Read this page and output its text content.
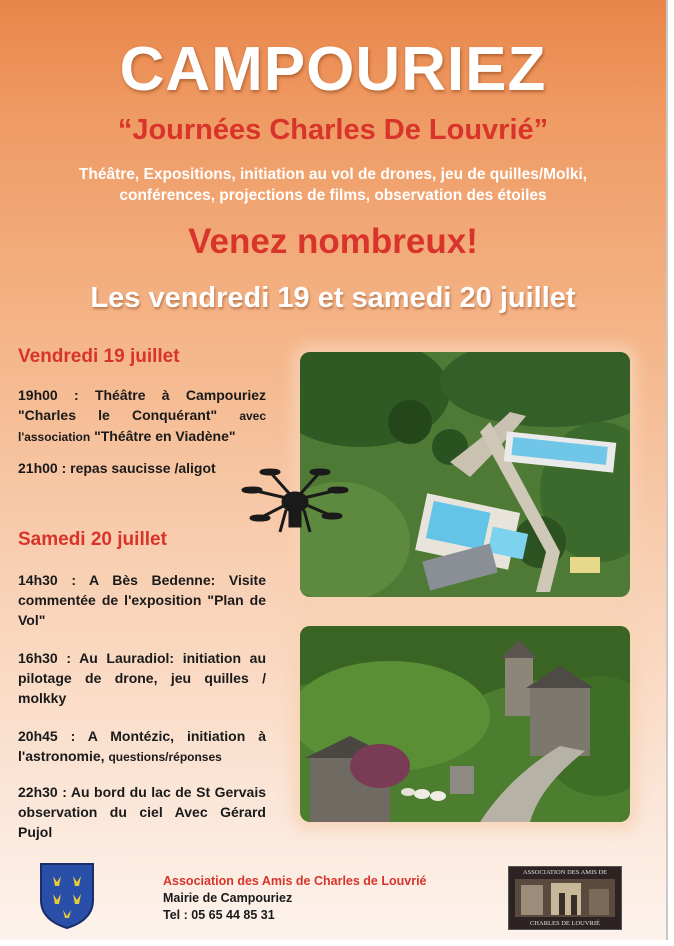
CAMPOURIEZ
“Journées Charles De Louvrié”
Théâtre, Expositions, initiation au vol de drones, jeu de quilles/Molki,
conférences, projections de films, observation des étoiles
Venez nombreux!
Les vendredi 19 et samedi 20 juillet
Vendredi 19 juillet
19h00 : Théâtre à Campouriez "Charles le Conquérant" avec l'association "Théâtre en Viadène"
21h00 : repas saucisse /aligot
Samedi 20 juillet
14h30 : A Bès Bedenne: Visite commentée de l'exposition "Plan de Vol"
16h30 : Au Lauradiol: initiation au pilotage de drone, jeu quilles / molkky
20h45 : A Montézic, initiation à l'astronomie, questions/réponses
22h30 : Au bord du lac de St Gervais observation du ciel Avec Gérard Pujol
Association des Amis de Charles de Louvrié
Mairie de Campouriez
Tel : 05 65 44 85 31
ASSOCIATION DES AMIS DE
CHARLES DE LOUVRIÉ
